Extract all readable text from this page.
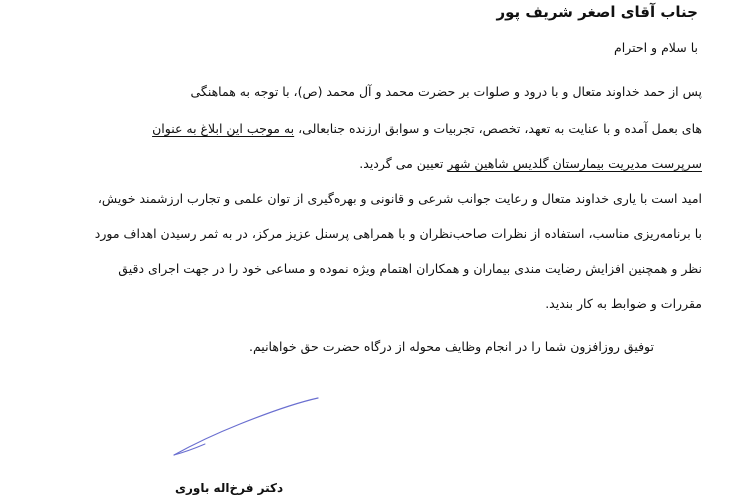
جناب آقای اصغر شریف پور
با سلام و احترام
پس از حمد خداوند متعال و با درود و صلوات بر حضرت محمد و آل محمد (ص)، با توجه به هماهنگی
های بعمل آمده و با عنایت به تعهد، تخصص، تجربیات و سوابق ارزنده جنابعالی، به موجب این ابلاغ به عنوان
سرپرست مدیریت بیمارستان گلدیس شاهین شهر تعیین می گردید.
امید است با یاری خداوند متعال و رعایت جوانب شرعی و قانونی و بهره‌گیری از توان علمی و تجارب ارزشمند خویش،
با برنامه‌ریزی مناسب، استفاده از نظرات صاحب‌نظران و با همراهی پرسنل عزیز مرکز، در به ثمر رسیدن اهداف مورد
نظر و همچنین افزایش رضایت مندی بیماران و همکاران اهتمام ویژه نموده و مساعی خود را در جهت اجرای دقیق
مقررات و ضوابط به کار بندید.
توفیق روزافزون شما را در انجام وظایف محوله از درگاه حضرت حق خواهانیم.
دکتر فرخ‌اله باوری
